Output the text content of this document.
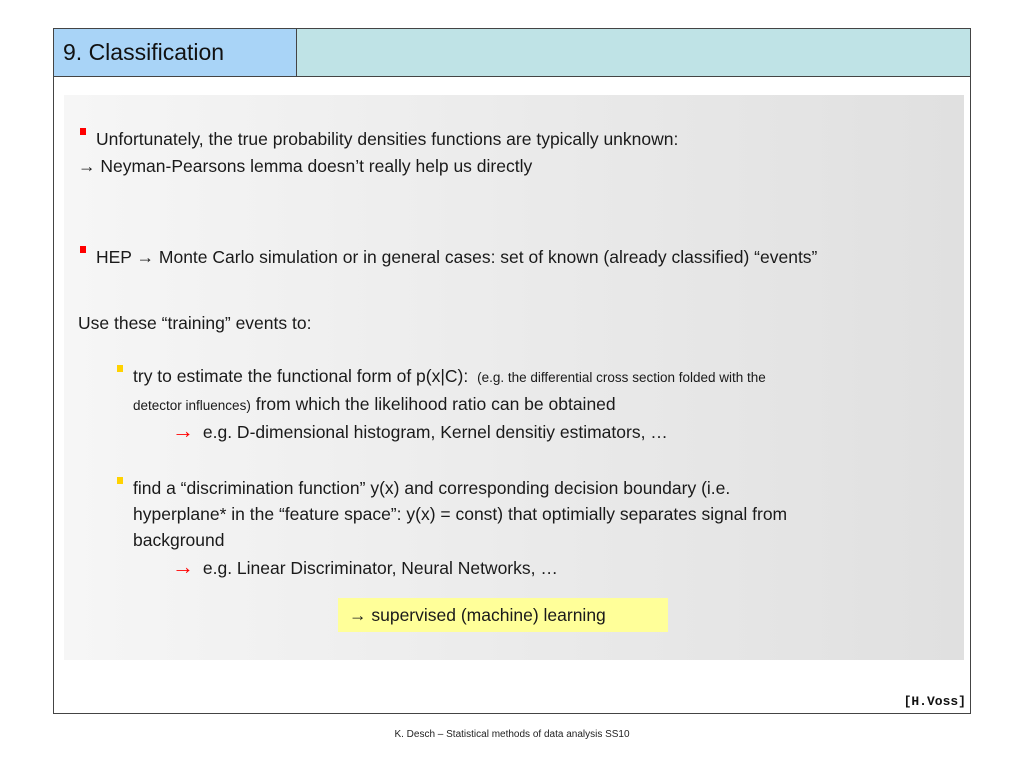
9. Classification
[H.Voss]
Unfortunately, the true probability densities functions are typically unknown:
→ Neyman-Pearsons lemma doesn’t really help us directly
HEP → Monte Carlo simulation or in general cases: set of known (already classified) “events”
Use these “training” events to:
try to estimate the functional form of p(x|C): (e.g. the differential cross section folded with the
detector influences) from which the likelihood ratio can be obtained
→ e.g. D-dimensional histogram, Kernel densitiy estimators, …
find a “discrimination function” y(x) and corresponding decision boundary (i.e.
hyperplane* in the “feature space”: y(x) = const) that optimially separates signal from
background
→ e.g. Linear Discriminator, Neural Networks, …
→ supervised (machine) learning
K. Desch – Statistical methods of data analysis SS10
